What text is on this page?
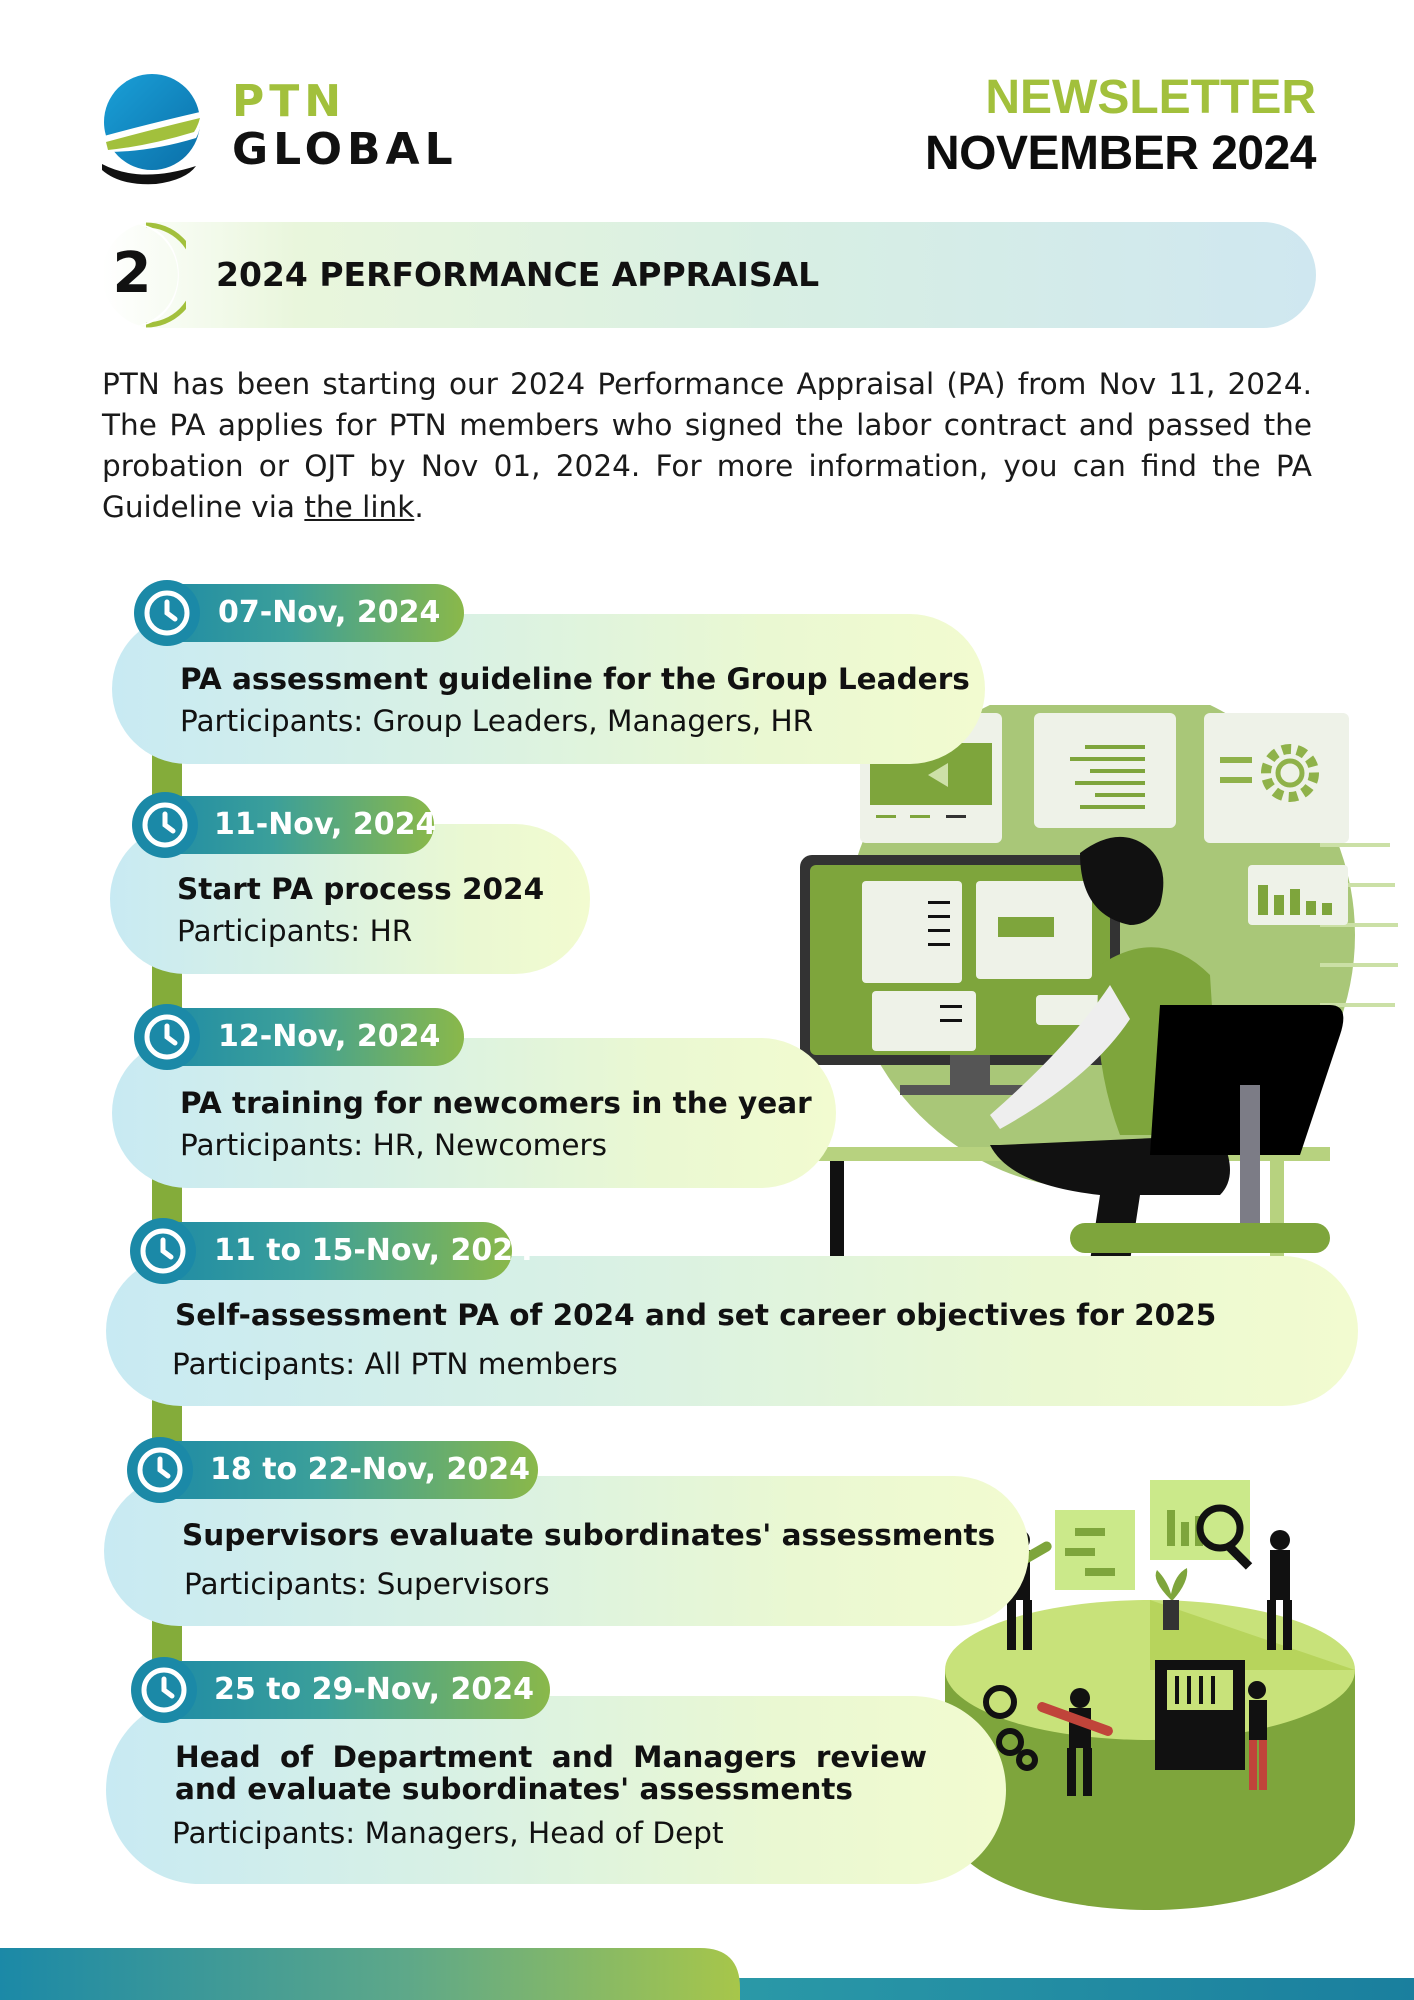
PTN
GLOBAL
NEWSLETTER
NOVEMBER 2024
2 2024 PERFORMANCE APPRAISAL

PTN has been starting our 2024 Performance Appraisal (PA) from Nov 11, 2024. The PA applies for PTN members who signed the labor contract and passed the probation or OJT by Nov 01, 2024. For more information, you can find the PA Guideline via the link.

PA assessment guideline for the Group Leaders
Participants: Group Leaders, Managers, HR
07-Nov, 2024
Start PA process 2024
Participants: HR
11-Nov, 2024
PA training for newcomers in the year
Participants: HR, Newcomers
12-Nov, 2024
Self-assessment PA of 2024 and set career objectives for 2025
Participants: All PTN members
11 to 15-Nov, 2024
Supervisors evaluate subordinates' assessments
Participants: Supervisors
18 to 22-Nov, 2024
Head of Department and Managers review
and evaluate subordinates' assessments
Participants: Managers, Head of Dept
25 to 29-Nov, 2024
